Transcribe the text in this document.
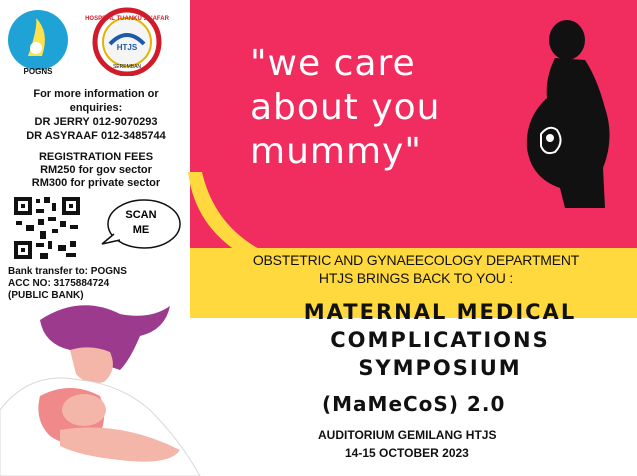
"we care
about you
mummy"
POGNS
HTJS
HOSPITAL TUANKU JA'AFAR
SEREMBAN
For more information or
enquiries:
DR JERRY 012-9070293
DR ASYRAAF 012-3485744
REGISTRATION FEES
RM250 for gov sector
RM300 for private sector
SCAN
ME
Bank transfer to: POGNS
ACC NO: 3175884724
(PUBLIC BANK)
OBSTETRIC AND GYNAEECOLOGY DEPARTMENT
HTJS BRINGS BACK TO YOU :
MATERNAL MEDICAL
COMPLICATIONS
SYMPOSIUM
(MaMeCoS) 2.0
AUDITORIUM GEMILANG HTJS
14-15 OCTOBER 2023
